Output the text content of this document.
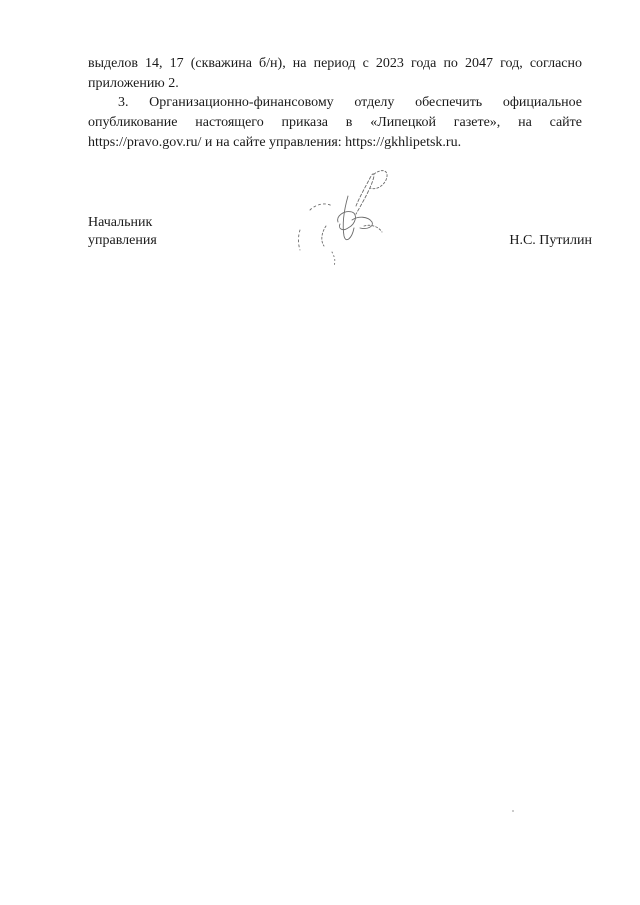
выделов 14, 17 (скважина б/н), на период с 2023 года по 2047 год, согласно приложению 2.

3. Организационно-финансовому отделу обеспечить официальное опубликование настоящего приказа в «Липецкой газете», на сайте https://pravo.gov.ru/ и на сайте управления: https://gkhlipetsk.ru.

Начальник
управления	Н.С. Путилин
